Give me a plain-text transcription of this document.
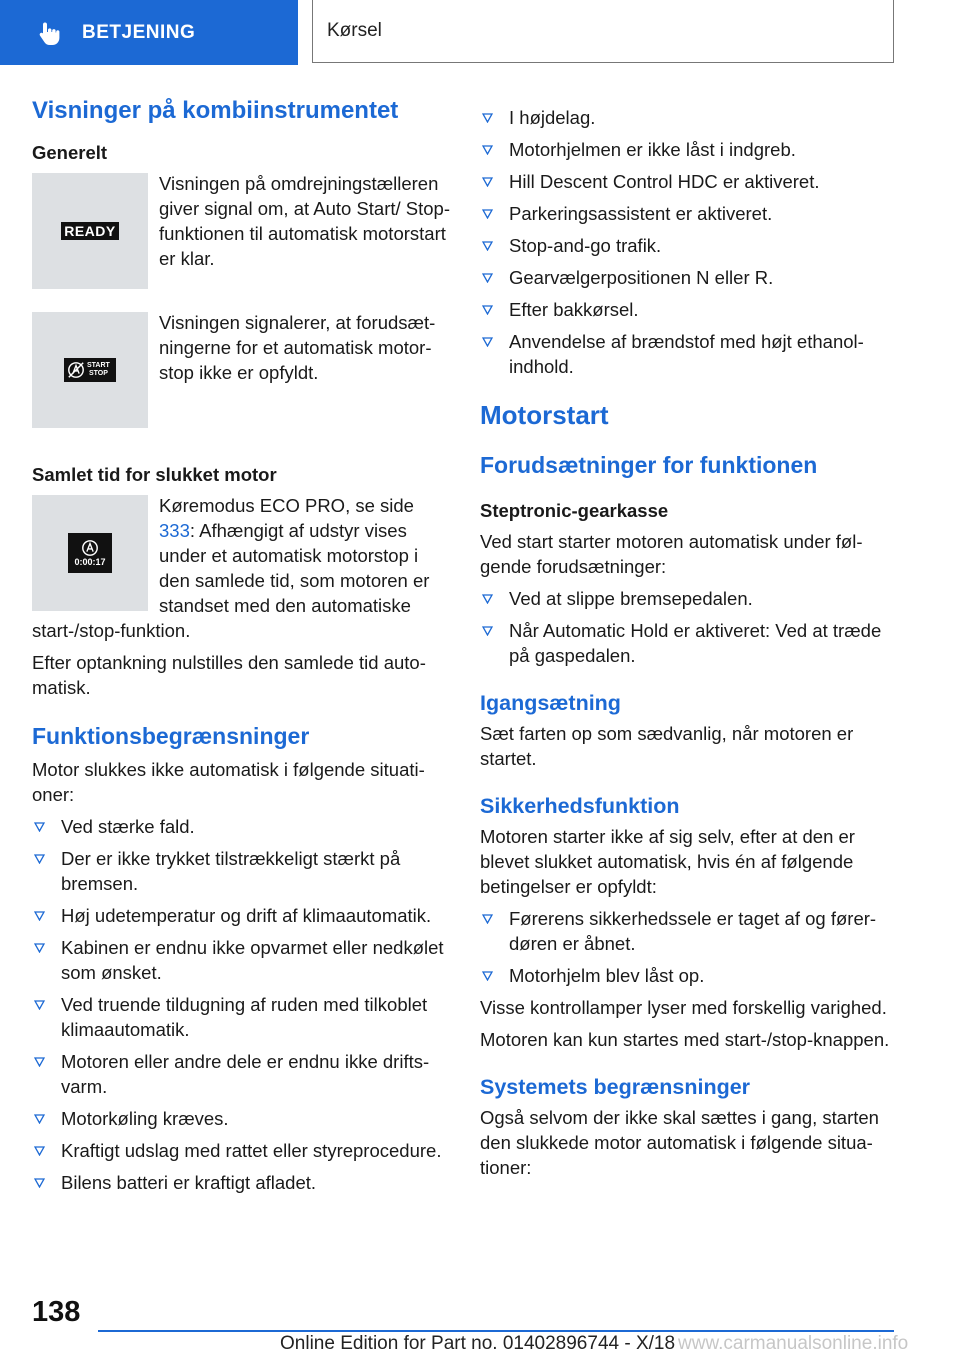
BETJENING	Kørsel
Visninger på kombiinstrumentet
Generelt
READY
Visningen på omdrejningstælleren giver signal om, at Auto Start/ Stop-funktionen til automatisk motorstart er klar.
START
STOP
Visningen signalerer, at forudsætningerne for et automatisk motorstop ikke er opfyldt.
Samlet tid for slukket motor
0:00:17
Køremodus ECO PRO, se side 333: Afhængigt af udstyr vises under et automatisk motorstop i den samlede tid, som motoren er standset med den automatiske start-/stop-funktion.

Efter optankning nulstilles den samlede tid automatisk.

Funktionsbegrænsninger

Motor slukkes ikke automatisk i følgende situationer:

Ved stærke fald.
Der er ikke trykket tilstrækkeligt stærkt på bremsen.
Høj udetemperatur og drift af klimaautomatik.
Kabinen er endnu ikke opvarmet eller nedkølet som ønsket.
Ved truende tildugning af ruden med tilkoblet klimaautomatik.
Motoren eller andre dele er endnu ikke driftsvarm.
Motorkøling kræves.
Kraftigt udslag med rattet eller styreprocedure.
Bilens batteri er kraftigt afladet.
I højdelag.
Motorhjelmen er ikke låst i indgreb.
Hill Descent Control HDC er aktiveret.
Parkeringsassistent er aktiveret.
Stop-and-go trafik.
Gearvælgerpositionen N eller R.
Efter bakkørsel.
Anvendelse af brændstof med højt ethanolindhold.
Motorstart
Forudsætninger for funktionen
Steptronic-gearkasse

Ved start starter motoren automatisk under følgende forudsætninger:

Ved at slippe bremsepedalen.
Når Automatic Hold er aktiveret: Ved at træde på gaspedalen.
Igangsætning

Sæt farten op som sædvanlig, når motoren er startet.

Sikkerhedsfunktion

Motoren starter ikke af sig selv, efter at den er blevet slukket automatisk, hvis én af følgende betingelser er opfyldt:

Førerens sikkerhedssele er taget af og førerdøren er åbnet.
Motorhjelm blev låst op.

Visse kontrollamper lyser med forskellig varighed.

Motoren kan kun startes med start-/stop-knappen.

Systemets begrænsninger

Også selvom der ikke skal sættes i gang, starten den slukkede motor automatisk i følgende situationer:

138
Online Edition for Part no. 01402896744 - X/18 www.carmanualsonline.info
